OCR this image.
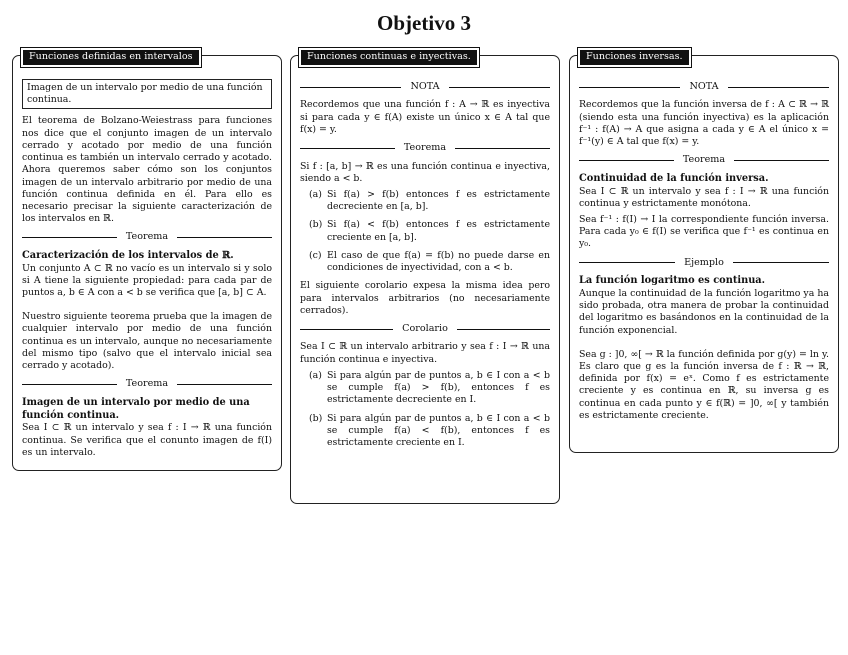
Objetivo 3
Funciones definidas en intervalos
Imagen de un intervalo por medio de una función continua.

El teorema de Bolzano-Weiestrass para funciones nos dice que el conjunto imagen de un intervalo cerrado y acotado por medio de una función continua es también un intervalo cerrado y acotado. Ahora queremos saber cómo son los conjuntos imagen de un intervalo arbitrario por medio de una función continua definida en él. Para ello es necesario precisar la siguiente caracterización de los intervalos en ℝ.

Teorema
Caracterización de los intervalos de ℝ.

Un conjunto A ⊂ ℝ no vacío es un intervalo si y solo si A tiene la siguiente propiedad: para cada par de puntos a, b ∈ A con a < b se verifica que [a, b] ⊂ A.

Nuestro siguiente teorema prueba que la imagen de cualquier intervalo por medio de una función continua es un intervalo, aunque no necesariamente del mismo tipo (salvo que el intervalo inicial sea cerrado y acotado).

Teorema
Imagen de un intervalo por medio de una función continua.

Sea I ⊂ ℝ un intervalo y sea f : I → ℝ una función continua. Se verifica que el conunto imagen de f(I) es un intervalo.

Funciones continuas e inyectivas.
NOTA

Recordemos que una función f : A → ℝ es inyectiva si para cada y ∈ f(A) existe un único x ∈ A tal que f(x) = y.

Teorema

Si f : [a, b] → ℝ es una función continua e inyectiva, siendo a < b.

(a) Si f(a) > f(b) entonces f es estrictamente decreciente en [a, b].
(b) Si f(a) < f(b) entonces f es estrictamente creciente en [a, b].
(c) El caso de que f(a) = f(b) no puede darse en condiciones de inyectividad, con a < b.

El siguiente corolario expesa la misma idea pero para intervalos arbitrarios (no necesariamente cerrados).

Corolario

Sea I ⊂ ℝ un intervalo arbitrario y sea f : I → ℝ una función continua e inyectiva.

(a) Si para algún par de puntos a, b ∈ I con a < b se cumple f(a) > f(b), entonces f es estrictamente decreciente en I.
(b) Si para algún par de puntos a, b ∈ I con a < b se cumple f(a) < f(b), entonces f es estrictamente creciente en I.
Funciones inversas.
NOTA

Recordemos que la función inversa de f : A ⊂ ℝ → ℝ (siendo esta una función inyectiva) es la aplicación f⁻¹ : f(A) → A que asigna a cada y ∈ A el único x = f⁻¹(y) ∈ A tal que f(x) = y.

Teorema
Continuidad de la función inversa.

Sea I ⊂ ℝ un intervalo y sea f : I → ℝ una función continua y estrictamente monótona.

Sea f⁻¹ : f(I) → I la correspondiente función inversa. Para cada y₀ ∈ f(I) se verifica que f⁻¹ es continua en y₀.

Ejemplo
La función logaritmo es continua.

Aunque la continuidad de la función logaritmo ya ha sido probada, otra manera de probar la continuidad del logaritmo es basándonos en la continuidad de la función exponencial.

Sea g : ]0, ∞[ → ℝ la función definida por g(y) = ln y. Es claro que g es la función inversa de f : ℝ → ℝ, definida por f(x) = eˣ. Como f es estrictamente creciente y es continua en ℝ, su inversa g es continua en cada punto y ∈ f(ℝ) = ]0, ∞[ y también es estrictamente creciente.
